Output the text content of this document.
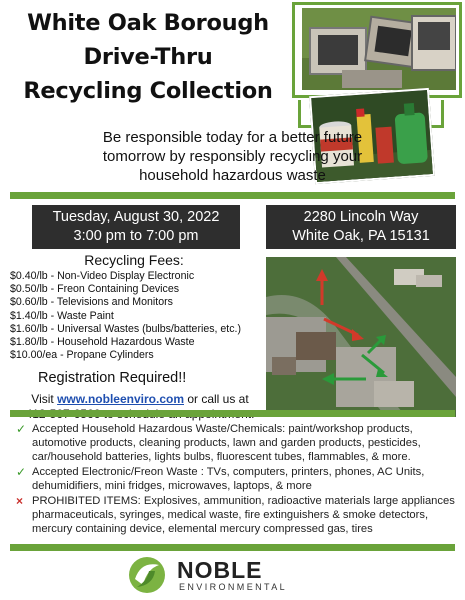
White Oak Borough
Drive-Thru
Recycling Collection
Be responsible today for a better future
tomorrow by responsibly recycling your
household hazardous waste
Tuesday, August 30, 2022
3:00 pm to 7:00 pm
Recycling Fees:
$0.40/lb - Non-Video Display Electronic
$0.50/lb - Freon Containing Devices
$0.60/lb - Televisions and Monitors
$1.40/lb - Waste Paint
$1.60/lb - Universal Wastes (bulbs/batteries, etc.)
$1.80/lb - Household Hazardous Waste
$10.00/ea - Propane Cylinders
Registration Required!!
Visit www.nobleenviro.com or call us at
2280 Lincoln Way
White Oak, PA 15131
✓ Accepted Household Hazardous Waste/Chemicals: paint/workshop products, automotive products, cleaning products, lawn and garden products, pesticides, car/household batteries, lights bulbs, fluorescent tubes, flammables, & more.
✓ Accepted Electronic/Freon Waste : TVs, computers, printers, phones, AC Units, dehumidifiers, mini fridges, microwaves, laptops, & more
× PROHIBITED ITEMS: Explosives, ammunition, radioactive materials large appliances pharmaceuticals, syringes, medical waste, fire extinguishers & smoke detectors, mercury containing device, elemental mercury compressed gas, tires
NOBLE
ENVIRONMENTAL
